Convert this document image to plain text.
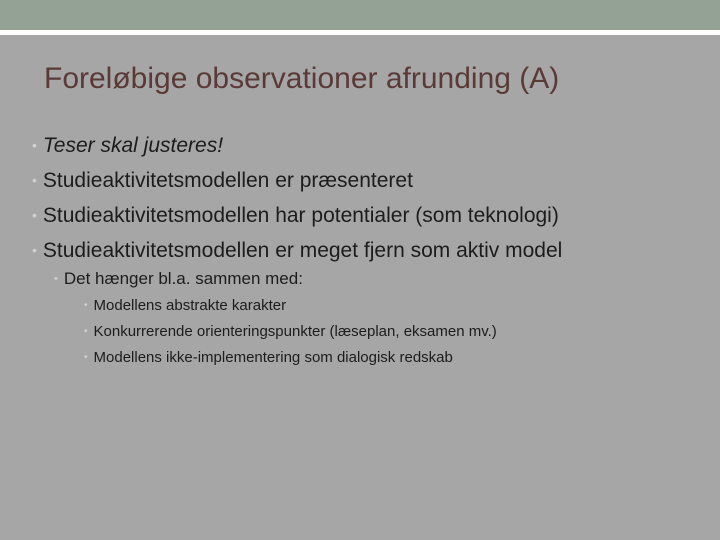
Foreløbige observationer afrunding (A)
• Teser skal justeres!
• Studieaktivitetsmodellen er præsenteret
• Studieaktivitetsmodellen har potentialer (som teknologi)
• Studieaktivitetsmodellen er meget fjern som aktiv model
• Det hænger bl.a. sammen med:
• Modellens abstrakte karakter
• Konkurrerende orienteringspunkter (læseplan, eksamen mv.)
• Modellens ikke-implementering som dialogisk redskab
